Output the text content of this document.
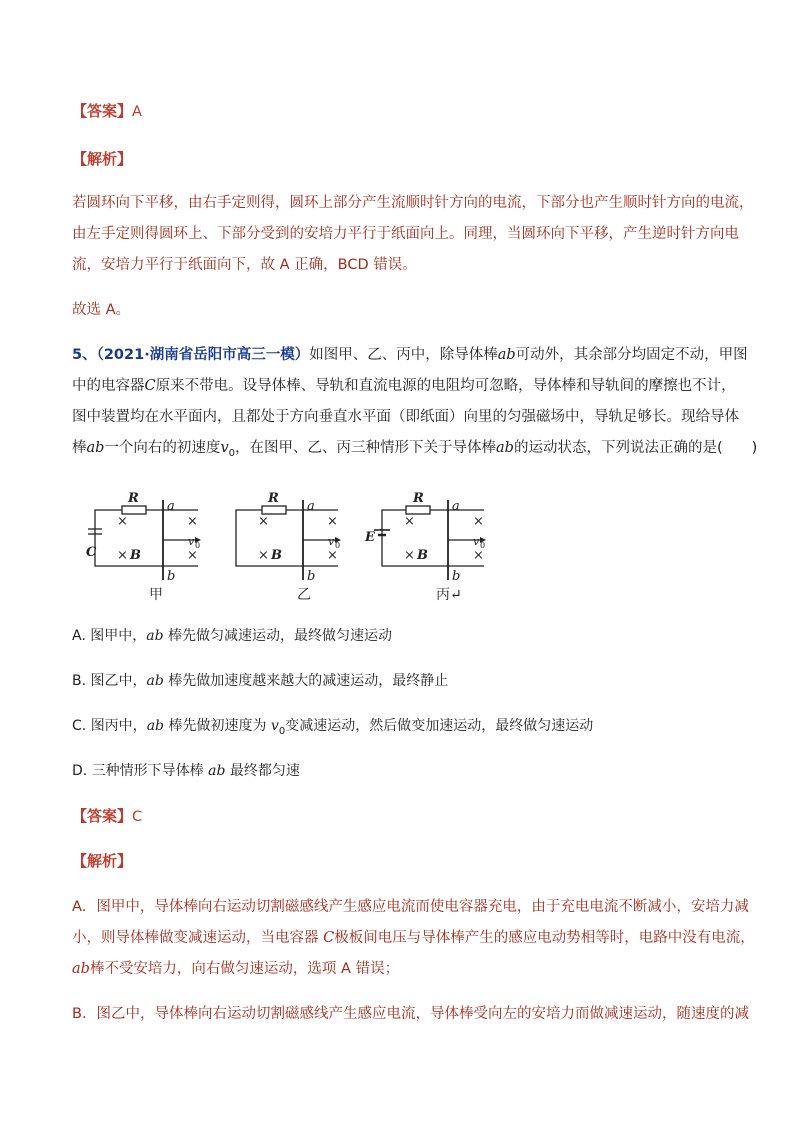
【答案】A
【解析】
若圆环向下平移，由右手定则得，圆环上部分产生流顺时针方向的电流，下部分也产生顺时针方向的电流，
由左手定则得圆环上、下部分受到的安培力平行于纸面向上。同理，当圆环向下平移，产生逆时针方向电
流，安培力平行于纸面向下，故 A 正确，BCD 错误。
故选 A。
5、（2021·湖南省岳阳市高三一模）如图甲、乙、丙中，除导体棒ab可动外，其余部分均固定不动，甲图
中的电容器C原来不带电。设导体棒、导轨和直流电源的电阻均可忽略，导体棒和导轨间的摩擦也不计，
图中装置均在水平面内，且都处于方向垂直水平面（即纸面）向里的匀强磁场中，导轨足够长。现给导体
棒ab一个向右的初速度$v_0$，在图甲、乙、丙三种情形下关于导体棒ab的运动状态，下列说法正确的是(　　)
R
a
b
C
×	×
×	×
B
v 0
R
a
b
×	×
×	×
B
v 0
R
a
b
E
×	×
×	×
B
v 0
甲	乙	丙↵
A. 图甲中，ab 棒先做匀减速运动，最终做匀速运动
B. 图乙中，ab 棒先做加速度越来越大的减速运动，最终静止
C. 图丙中，ab 棒先做初速度为 $v_0$变减速运动，然后做变加速运动，最终做匀速运动
D. 三种情形下导体棒 ab 最终都匀速
【答案】C
【解析】
A．图甲中，导体棒向右运动切割磁感线产生感应电流而使电容器充电，由于充电电流不断减小，安培力减
小，则导体棒做变减速运动，当电容器 C极板间电压与导体棒产生的感应电动势相等时，电路中没有电流，
ab棒不受安培力，向右做匀速运动，选项 A 错误；
B．图乙中，导体棒向右运动切割磁感线产生感应电流，导体棒受向左的安培力而做减速运动，随速度的减
